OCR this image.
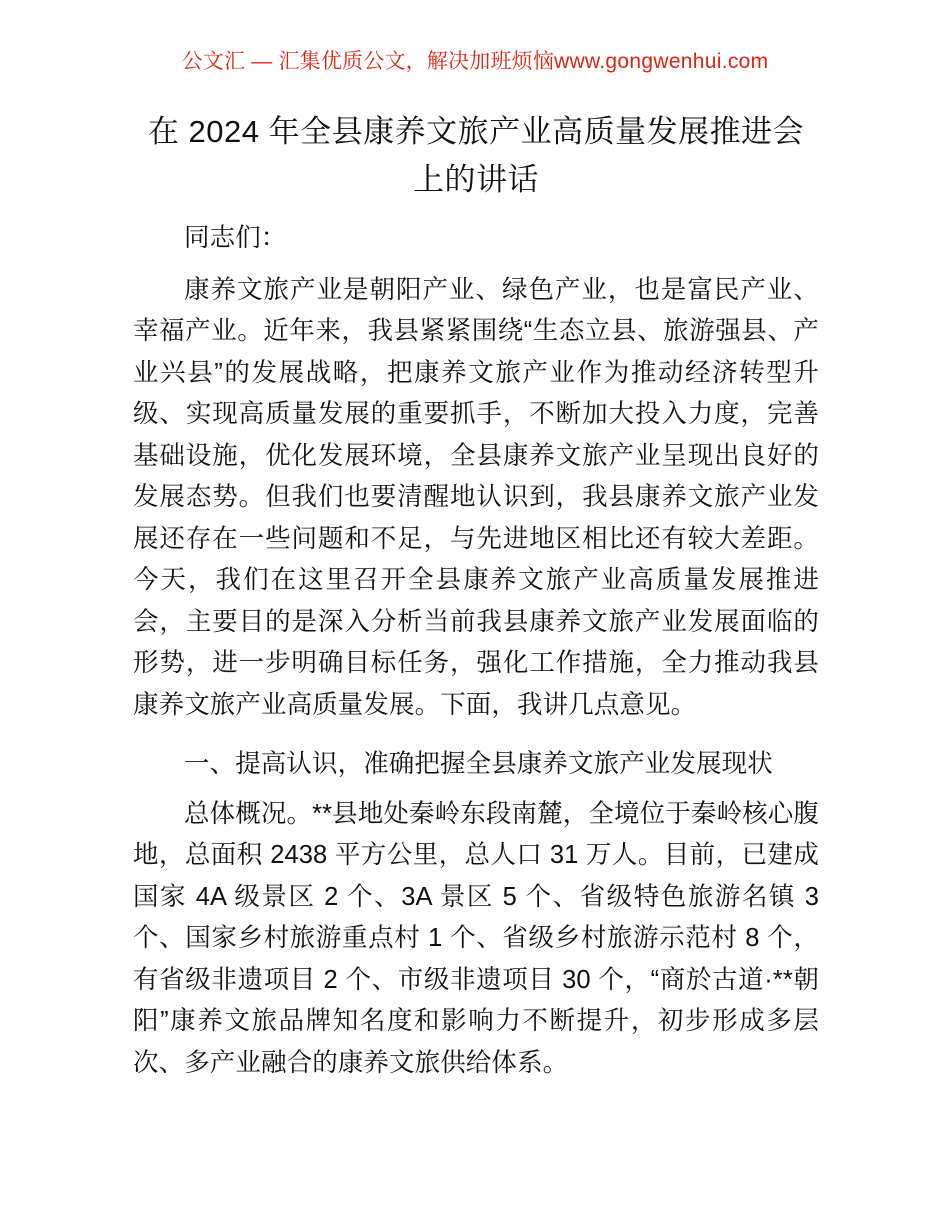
公文汇 — 汇集优质公文，解决加班烦恼www.gongwenhui.com
在 2024 年全县康养文旅产业高质量发展推进会上的讲话

同志们：

康养文旅产业是朝阳产业、绿色产业，也是富民产业、幸福产业。近年来，我县紧紧围绕“生态立县、旅游强县、产业兴县”的发展战略，把康养文旅产业作为推动经济转型升级、实现高质量发展的重要抓手，不断加大投入力度，完善基础设施，优化发展环境，全县康养文旅产业呈现出良好的发展态势。但我们也要清醒地认识到，我县康养文旅产业发展还存在一些问题和不足，与先进地区相比还有较大差距。今天，我们在这里召开全县康养文旅产业高质量发展推进会，主要目的是深入分析当前我县康养文旅产业发展面临的形势，进一步明确目标任务，强化工作措施，全力推动我县康养文旅产业高质量发展。下面，我讲几点意见。

一、提高认识，准确把握全县康养文旅产业发展现状

总体概况。**县地处秦岭东段南麓，全境位于秦岭核心腹地，总面积 2438 平方公里，总人口 31 万人。目前，已建成国家 4A 级景区 2 个、3A 景区 5 个、省级特色旅游名镇 3 个、国家乡村旅游重点村 1 个、省级乡村旅游示范村 8 个，有省级非遗项目 2 个、市级非遗项目 30 个，“商於古道·**朝阳”康养文旅品牌知名度和影响力不断提升，初步形成多层次、多产业融合的康养文旅供给体系。
